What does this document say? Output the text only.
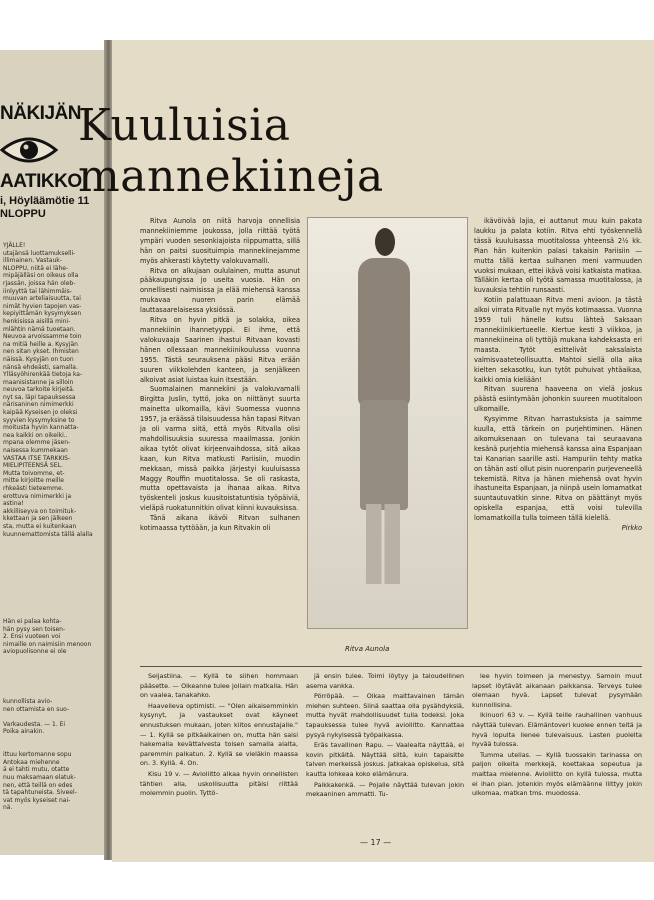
NÄKIJÄN
AATIKKO
i, Höyläämötie 11
NLOPPU
YJÄLLE!
utajänsä luottamukselli-
illimainen. Vastauk-
NLOPPU, niitä ei lähe-
mipäjälläsi on oikeus olla
rjassän, joissa hän oleb-
iinlyyttä tai lähimmäis-
muuvan arteliaisuutta, tai
nimät hyvien tapojen vas-
kepiyittämän kysymyksen
henkisissa aisillä mini-
mlähtin nämä tuoetaan.
Neuvoa arvoissamme toin
na mitiä heille a. Kysyjän
nen sitan ykset. Ihmisten
näissä. Kysyjän on tuon
nänsä ehdeästi, samalla.
Ylläsyöhirenkää tietoja ka-
maanisistanne ja silloin
neuvoa tarkoite kirjeitä.
nyt sa, läpi tapauksessa
närisaninen nimimerkki
kaipää Kyseisen jo oleksi
syyvien kysymyksine to
moitusta hyvin kannatta-
nea kaikki on oikeiki..
mpana olemme jäsen-
naisessa kummekaan
VASTAA ITSE TARKKIS-
MIELIPITEENSÄ SEL.
Mutta toivomme, et-
mitte kirjoitte meille
rhkeästi tieteemme.
erottuva nimimerkki ja
astina!
akkilliseyva on toimituk-
kkettaan ja sen jälkeen
sta, mutta ei kuitenkaan
kuunnemattomista tällä alalla
Hän ei palaa kohta-
hän pysy sen toisen-
2. Ensi vuoteen voi
nimaille on naimisiin menoon
aviopuolisonne ei ole
kunnollista avio-
nen ottamista en suo-

Varkaudesta. — 1. Ei
Poika ainakin.

ittuu kertomanne sopu
Antokaa miehenne
ä ei tahti mutu, otatte
nuu maksamaan elatuk-
nen, että teillä on edes
tä tapahtuneista. Siveel-
vat myös kyseiset nai-
nä.
Kuuluisia mannekiineja

Ritva Aunola on niitä harvoja onnellisia mannekiiniemme joukossa, jolla riittää työtä ympäri vuoden sesonkiajoista riippumatta, sillä hän on paitsi suosituimpia mannekiinejamme myös ahkerasti käytetty valokuvamalli.

Ritva on alkujaan oululainen, mutta asunut pääkaupungissa jo useita vuosia. Hän on onnellisesti naimisissa ja elää miehensä kanssa mukavaa nuoren parin elämää lauttasaarelaisessa yksiössä.

Ritva on hyvin pitkä ja solakka, oikea mannekiinin ihannetyyppi. Ei ihme, että valokuvaaja Saarinen ihastui Ritvaan kovasti hänen ollessaan mannekiinikoulussa vuonna 1955. Tästä seurauksena pääsi Ritva erään suuren viikkolehden kanteen, ja senjälkeen alkoivat asiat luistaa kuin itsestään.

Suomalainen mannekiini ja valokuvamalli Birgitta Juslin, tyttö, joka on niittänyt suurta mainetta ulkomailla, kävi Suomessa vuonna 1957, ja eräässä tilaisuudessa hän tapasi Ritvan ja oli varma siitä, että myös Ritvalla olisi mahdollisuuksia suuressa maailmassa. Jonkin aikaa tytöt olivat kirjeenvaihdossa, sitä aikaa kaan, kun Ritva matkusti Pariisiin, muodin mekkaan, missä paikka järjestyi kuuluisassa Maggy Rouffin muotitalossa. Se oli raskasta, mutta opettavaista ja ihanaa aikaa. Ritva työskenteli joskus kuusitoistatuntisia työpäiviä, vieläpä ruokatunnitkin olivat kiinni kuvauksissa.

Tänä aikana ikävöi Ritvan sulhanen kotimaassa tyttöään, ja kun Ritvakin oli

Ritva Aunola

ikävöivää lajia, ei auttanut muu kuin pakata laukku ja palata kotiin. Ritva ehti työskennellä tässä kuuluisassa muotitalossa yhteensä 2½ kk. Pian hän kuitenkin palasi takaisin Pariisiin — mutta tällä kertaa sulhanen meni varmuuden vuoksi mukaan, ettei ikävä voisi katkaista matkaa. Tälläkin kertaa oli työtä samassa muotitalossa, ja kuvauksia tehtiin runsaasti.

Kotiin palattuaan Ritva meni avioon. Ja tästä alkoi virrata Ritvalle nyt myös kotimaassa. Vuonna 1959 tuli hänelle kutsu lähteä Saksaan mannekiinikiertueelle. Kiertue kesti 3 viikkoa, ja mannekiineina oli tyttöjä mukana kahdeksasta eri maasta. Tytöt esittelivät saksalaista valmisvaateteollisuutta. Mahtoi siellä olla aika kielten sekasotku, kun tytöt puhuivat yhtäaikaa, kaikki omia kieliään!

Ritvan suurena haaveena on vielä joskus päästä esiintymään johonkin suureen muotitaloon ulkomaille.

Kysyimme Ritvan harrastuksista ja saimme kuulla, että tärkein on purjehtiminen. Hänen aikomuksenaan on tulevana tai seuraavana kesänä purjehtia miehensä kanssa aina Espanjaan tai Kanarian saarille asti. Hampuriin tehty matka on tähän asti ollut pisin nuorenparin purjeveneellä tekemistä. Ritva ja hänen miehensä ovat hyvin ihastuneita Espanjaan, ja niinpä usein lomamatkat suuntautuvatkin sinne. Ritva on päättänyt myös opiskella espanjaa, että voisi tulevilla lomamatkoilla tulla toimeen tällä kielellä.

Pirkko

Seijastiina. — Kyllä te siihen hommaan pääsette. — Oikeanne tulee jollain matkalla. Hän on vaalea, tanakahko.

Haaveileva optimisti. — "Olen aikaisemminkin kysynyt, ja vastaukset ovat käyneet ennustuksen mukaan, joten kiitos ennustajalle." — 1. Kyllä se pitkäaikainen on, mutta hän saisi hakemalla kevättalvesta toisen samalla alalta, paremmin palkatun. 2. Kyllä se vieläkin maassa on. 3. Kyllä. 4. On.

Kisu 19 v. — Avioliitto alkaa hyvin onnellisten tähtien alla, uskollisuutta pitäisi riittää molemmin puolin. Tyttö-

jä ensin tulee. Toimi löytyy ja taloudellinen asema vankka.

Pörröpää. — Olkaa malttavainen tämän miehen suhteen. Siinä saattaa olla pysähdyksiä, mutta hyvät mahdollisuudet tulla todeksi. Joka tapauksessa tulee hyvä avioliitto. Kannattaa pysyä nykyisessä työpaikassa.

Eräs tavallinen Rapu. — Vaalealta näyttää, ei kovin pitkältä. Näyttää siltä, kuin tapaisitte talven merkeissä joskus. Jatkakaa opiskelua, sitä kautta lohkeaa koko elämänura.

Paikkakenkä. — Pojalle näyttää tulevan jokin mekaaninen ammatti. Tu-

lee hyvin toimeen ja menestyy. Samoin muut lapset löytävät aikanaan paikkansa. Terveys tulee olemaan hyvä. Lapset tulevat pysymään kunnollisina.

Ikinuori 63 v. — Kyllä teille rauhallinen vanhuus näyttää tulevan. Elämäntoveri kuolee ennen teitä ja hyvä lopulta lienee tulevaisuus. Lasten puolelta hyvää tulossa.

Tumma utelias. — Kyllä tuossakin tarinassa on paljon oikeita merkkejä, koettakaa sopeutua ja malttaa mielenne. Avioliitto on kyllä tulossa, mutta ei ihan pian. Jotenkin myös elämäänne liittyy jokin ulkomaa, matkan tms. muodossa.

— 17 —
